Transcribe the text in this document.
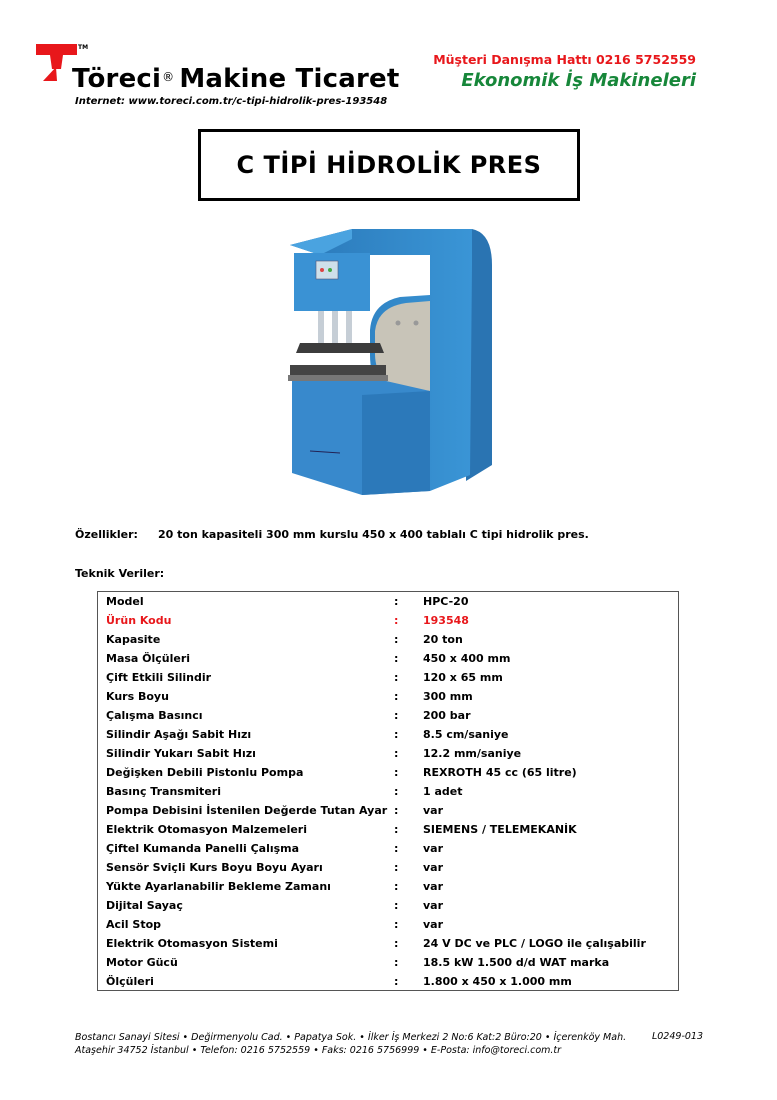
TM
Töreci® Makine Ticaret
Internet: www.toreci.com.tr/c-tipi-hidrolik-pres-193548
Müşteri Danışma Hattı 0216 5752559
Ekonomik İş Makineleri
C TİPİ HİDROLİK PRES
Özellikler: 20 ton kapasiteli 300 mm kurslu 450 x 400 tablalı C tipi hidrolik pres.
Teknik Veriler:
Model	: HPC-20
Ürün Kodu	: 193548
Kapasite	: 20 ton
Masa Ölçüleri	: 450 x 400 mm
Çift Etkili Silindir	: 120 x 65 mm
Kurs Boyu	: 300 mm
Çalışma Basıncı	: 200 bar
Silindir Aşağı Sabit Hızı	: 8.5 cm/saniye
Silindir Yukarı Sabit Hızı	: 12.2 mm/saniye
Değişken Debili Pistonlu Pompa	: REXROTH 45 cc (65 litre)
Basınç Transmiteri	: 1 adet
Pompa Debisini İstenilen Değerde Tutan Ayar : var
Elektrik Otomasyon Malzemeleri	: SIEMENS / TELEMEKANİK
Çiftel Kumanda Panelli Çalışma	: var
Sensör Sviçli Kurs Boyu Boyu Ayarı	: var
Yükte Ayarlanabilir Bekleme Zamanı	: var
Dijital Sayaç	: var
Acil Stop	: var
Elektrik Otomasyon Sistemi	: 24 V DC ve PLC / LOGO ile çalışabilir
Motor Gücü	: 18.5 kW 1.500 d/d WAT marka
Ölçüleri	: 1.800 x 450 x 1.000 mm
Bostancı Sanayi Sitesi • Değirmenyolu Cad. • Papatya Sok. • İlker İş Merkezi 2 No:6 Kat:2 Büro:20 • İçerenköy Mah.
Ataşehir 34752 İstanbul • Telefon: 0216 5752559 • Faks: 0216 5756999 • E-Posta: info@toreci.com.tr
L0249-013
